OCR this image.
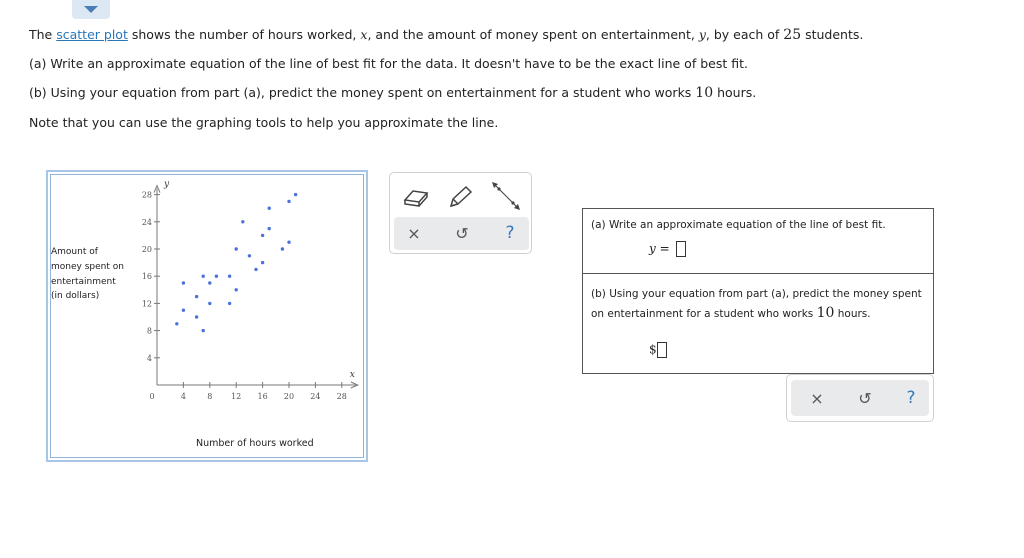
The scatter plot shows the number of hours worked, x, and the amount of money spent on entertainment, y, by each of 25 students.
(a) Write an approximate equation of the line of best fit for the data. It doesn't have to be the exact line of best fit.
(b) Using your equation from part (a), predict the money spent on entertainment for a student who works 10 hours.
Note that you can use the graphing tools to help you approximate the line.
Amount of
money spent on
entertainment
(in dollars)
y
x
0	4	8 12 16 20 24 28
4
8
12
16
20
24
28
Number of hours worked
× ↺ ?	(a) Write an approximate equation of the line of best fit.
y =
(b) Using your equation from part (a), predict the money spent
on entertainment for a student who works 10 hours.
$
× ↺ ?
